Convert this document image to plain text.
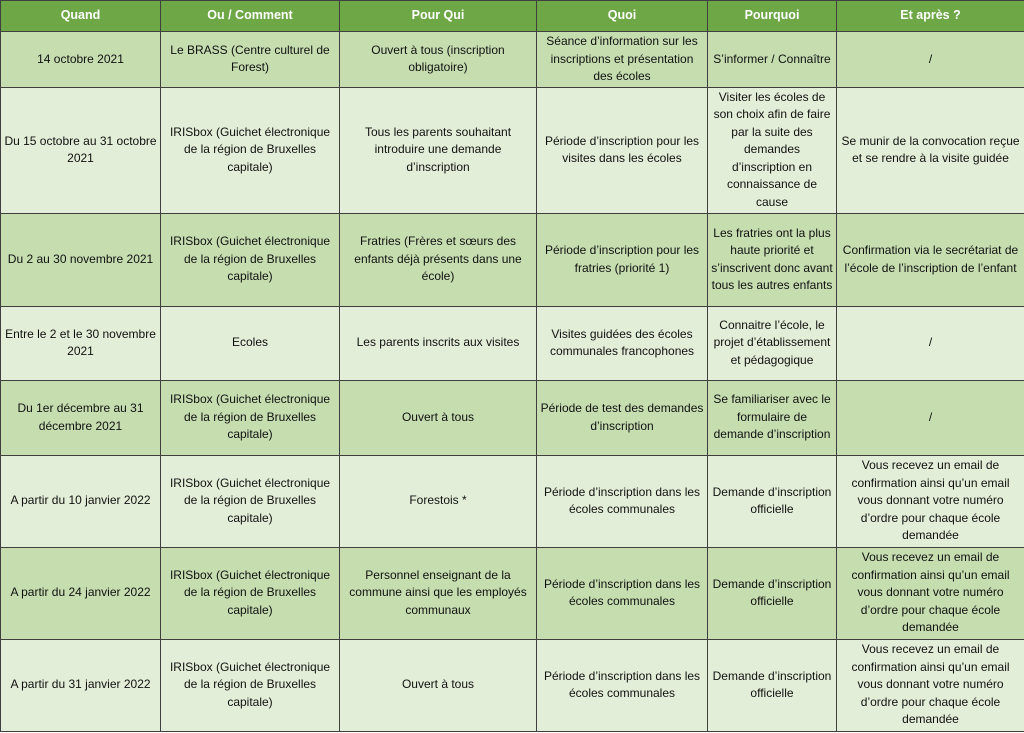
Quand	Ou / Comment	Pour Qui	Quoi	Pourquoi	Et après ?
14 octobre 2021	Le BRASS (Centre culturel de Forest)	Ouvert à tous (inscription obligatoire)	Séance d’information sur les inscriptions et présentation des écoles	S’informer / Connaître	/
Du 15 octobre au 31 octobre 2021	IRISbox (Guichet électronique de la région de Bruxelles capitale)	Tous les parents souhaitant introduire une demande d’inscription	Période d’inscription pour les visites dans les écoles	Visiter les écoles de son choix afin de faire par la suite des demandes d’inscription en connaissance de cause	Se munir de la convocation reçue et se rendre à la visite guidée
Du 2 au 30 novembre 2021	IRISbox (Guichet électronique de la région de Bruxelles capitale)	Fratries (Frères et sœurs des enfants déjà présents dans une école)	Période d’inscription pour les fratries (priorité 1)	Les fratries ont la plus haute priorité et s’inscrivent donc avant tous les autres enfants	Confirmation via le secrétariat de l’école de l’inscription de l’enfant
Entre le 2 et le 30 novembre 2021	Ecoles	Les parents inscrits aux visites	Visites guidées des écoles communales francophones	Connaitre l’école, le projet d’établissement et pédagogique	/
Du 1er décembre au 31 décembre 2021	IRISbox (Guichet électronique de la région de Bruxelles capitale)	Ouvert à tous	Période de test des demandes d’inscription	Se familiariser avec le formulaire de demande d’inscription	/
A partir du 10 janvier 2022	IRISbox (Guichet électronique de la région de Bruxelles capitale)	Forestois *	Période d’inscription dans les écoles communales	Demande d’inscription officielle	Vous recevez un email de confirmation ainsi qu’un email vous donnant votre numéro d’ordre pour chaque école demandée
A partir du 24 janvier 2022	IRISbox (Guichet électronique de la région de Bruxelles capitale)	Personnel enseignant de la commune ainsi que les employés communaux	Période d’inscription dans les écoles communales	Demande d’inscription officielle	Vous recevez un email de confirmation ainsi qu’un email vous donnant votre numéro d’ordre pour chaque école demandée
A partir du 31 janvier 2022	IRISbox (Guichet électronique de la région de Bruxelles capitale)	Ouvert à tous	Période d’inscription dans les écoles communales	Demande d’inscription officielle	Vous recevez un email de confirmation ainsi qu’un email vous donnant votre numéro d’ordre pour chaque école demandée
